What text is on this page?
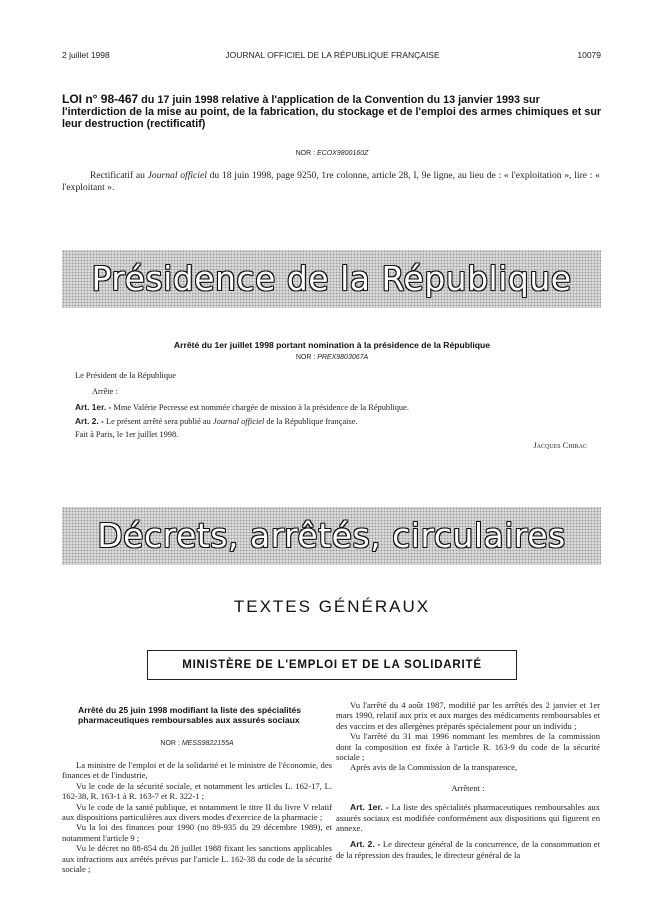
2 juillet 1998	JOURNAL OFFICIEL DE LA RÉPUBLIQUE FRANÇAISE	10079
LOI n° 98-467 du 17 juin 1998 relative à l'application de la Convention du 13 janvier 1993 sur l'interdiction de la mise au point, de la fabrication, du stockage et de l'emploi des armes chimiques et sur leur destruction (rectificatif)
NOR : ECOX9800160Z
Rectificatif au Journal officiel du 18 juin 1998, page 9250, 1re colonne, article 28, I, 9e ligne, au lieu de : « l'exploitation », lire : « l'exploitant ».
Présidence de la République
Arrêté du 1er juillet 1998 portant nomination à la présidence de la République
NOR : PREX9803067A
Le Président de la République
Arrête :
Art. 1er. - Mme Valérie Pecresse est nommée chargée de mission à la présidence de la République.
Art. 2. - Le présent arrêté sera publié au Journal officiel de la République française.
Fait à Paris, le 1er juillet 1998.
Jacques Chirac
Décrets, arrêtés, circulaires
TEXTES GÉNÉRAUX
MINISTÈRE DE L'EMPLOI ET DE LA SOLIDARITÉ
Arrêté du 25 juin 1998 modifiant la liste des spécialités pharmaceutiques remboursables aux assurés sociaux
NOR : MESS9822155A

La ministre de l'emploi et de la solidarité et le ministre de l'économie, des finances et de l'industrie,

Vu le code de la sécurité sociale, et notamment les articles L. 162-17, L. 162-38, R. 163-1 à R. 163-7 et R. 322-1 ;

Vu le code de la santé publique, et notamment le titre II du livre V relatif aux dispositions particulières aux divers modes d'exercice de la pharmacie ;

Vu la loi des finances pour 1990 (no 89-935 du 29 décembre 1989), et notamment l'article 9 ;

Vu le décret no 88-854 du 28 juillet 1988 fixant les sanctions applicables aux infractions aux arrêtés prévus par l'article L. 162-38 du code de la sécurité sociale ;

Vu l'arrêté du 4 août 1987, modifié par les arrêtés des 2 janvier et 1er mars 1990, relatif aux prix et aux marges des médicaments remboursables et des vaccins et des allergènes préparés spécialement pour un individu ;

Vu l'arrêté du 31 mai 1996 nommant les membres de la commission dont la composition est fixée à l'article R. 163-9 du code de la sécurité sociale ;

Après avis de la Commission de la transparence,

Arrêtent :

Art. 1er. - La liste des spécialités pharmaceutiques remboursables aux assurés sociaux est modifiée conformément aux dispositions qui figurent en annexe.

Art. 2. - Le directeur général de la concurrence, de la consommation et de la répression des fraudes, le directeur général de la
